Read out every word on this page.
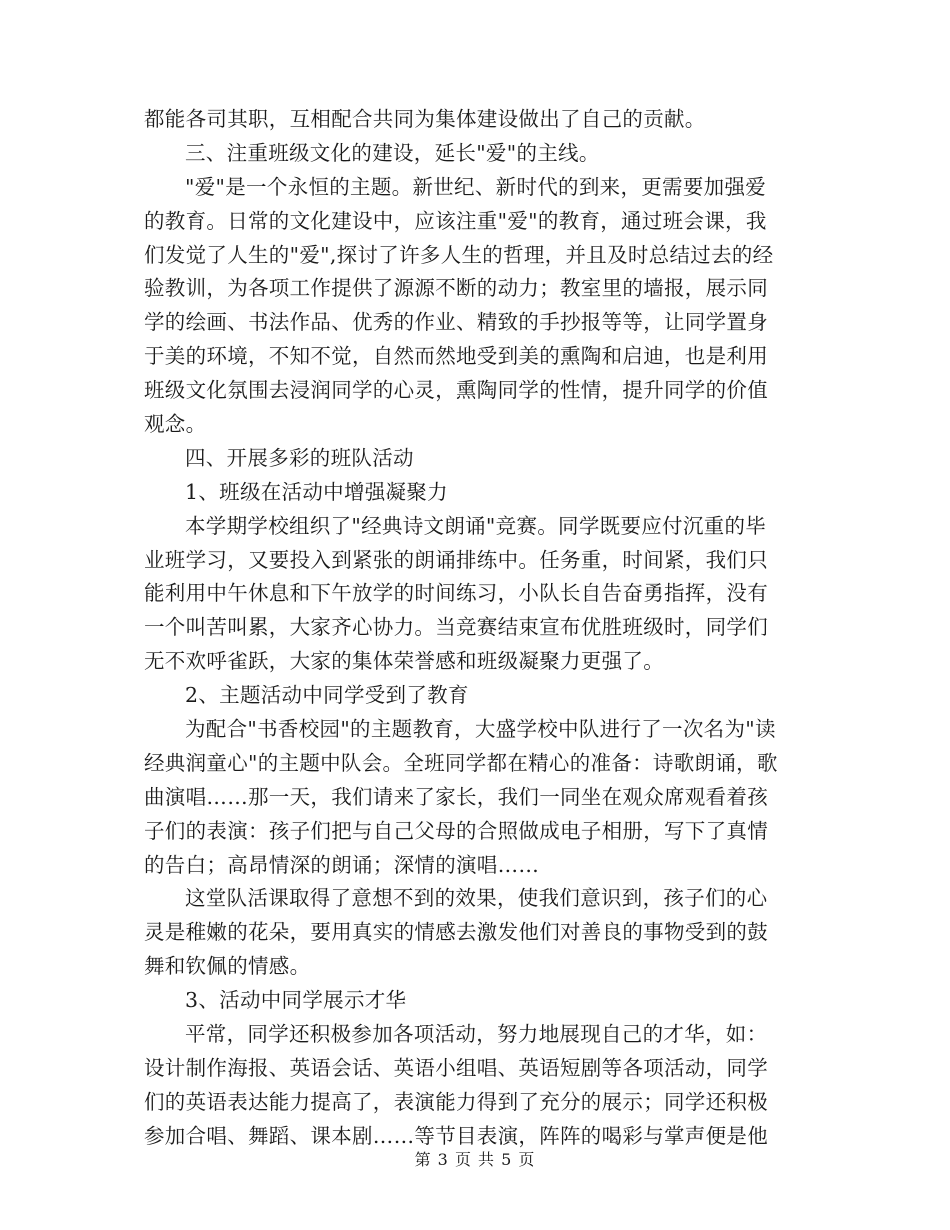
都能各司其职，互相配合共同为集体建设做出了自己的贡献。
三、注重班级文化的建设，延长"爱"的主线。
"爱"是一个永恒的主题。新世纪、新时代的到来，更需要加强爱
的教育。日常的文化建设中，应该注重"爱"的教育，通过班会课，我
们发觉了人生的"爱",探讨了许多人生的哲理，并且及时总结过去的经
验教训，为各项工作提供了源源不断的动力；教室里的墙报，展示同
学的绘画、书法作品、优秀的作业、精致的手抄报等等，让同学置身
于美的环境，不知不觉，自然而然地受到美的熏陶和启迪，也是利用
班级文化氛围去浸润同学的心灵，熏陶同学的性情，提升同学的价值
观念。
四、开展多彩的班队活动
1、班级在活动中增强凝聚力
本学期学校组织了"经典诗文朗诵"竞赛。同学既要应付沉重的毕
业班学习，又要投入到紧张的朗诵排练中。任务重，时间紧，我们只
能利用中午休息和下午放学的时间练习，小队长自告奋勇指挥，没有
一个叫苦叫累，大家齐心协力。当竞赛结束宣布优胜班级时，同学们
无不欢呼雀跃，大家的集体荣誉感和班级凝聚力更强了。
2、主题活动中同学受到了教育
为配合"书香校园"的主题教育，大盛学校中队进行了一次名为"读
经典润童心"的主题中队会。全班同学都在精心的准备：诗歌朗诵，歌
曲演唱……那一天，我们请来了家长，我们一同坐在观众席观看着孩
子们的表演：孩子们把与自己父母的合照做成电子相册，写下了真情
的告白；高昂情深的朗诵；深情的演唱……
这堂队活课取得了意想不到的效果，使我们意识到，孩子们的心
灵是稚嫩的花朵，要用真实的情感去激发他们对善良的事物受到的鼓
舞和钦佩的情感。
3、活动中同学展示才华
平常，同学还积极参加各项活动，努力地展现自己的才华，如：
设计制作海报、英语会话、英语小组唱、英语短剧等各项活动，同学
们的英语表达能力提高了，表演能力得到了充分的展示；同学还积极
参加合唱、舞蹈、课本剧……等节目表演，阵阵的喝彩与掌声便是他
第 3 页 共 5 页
